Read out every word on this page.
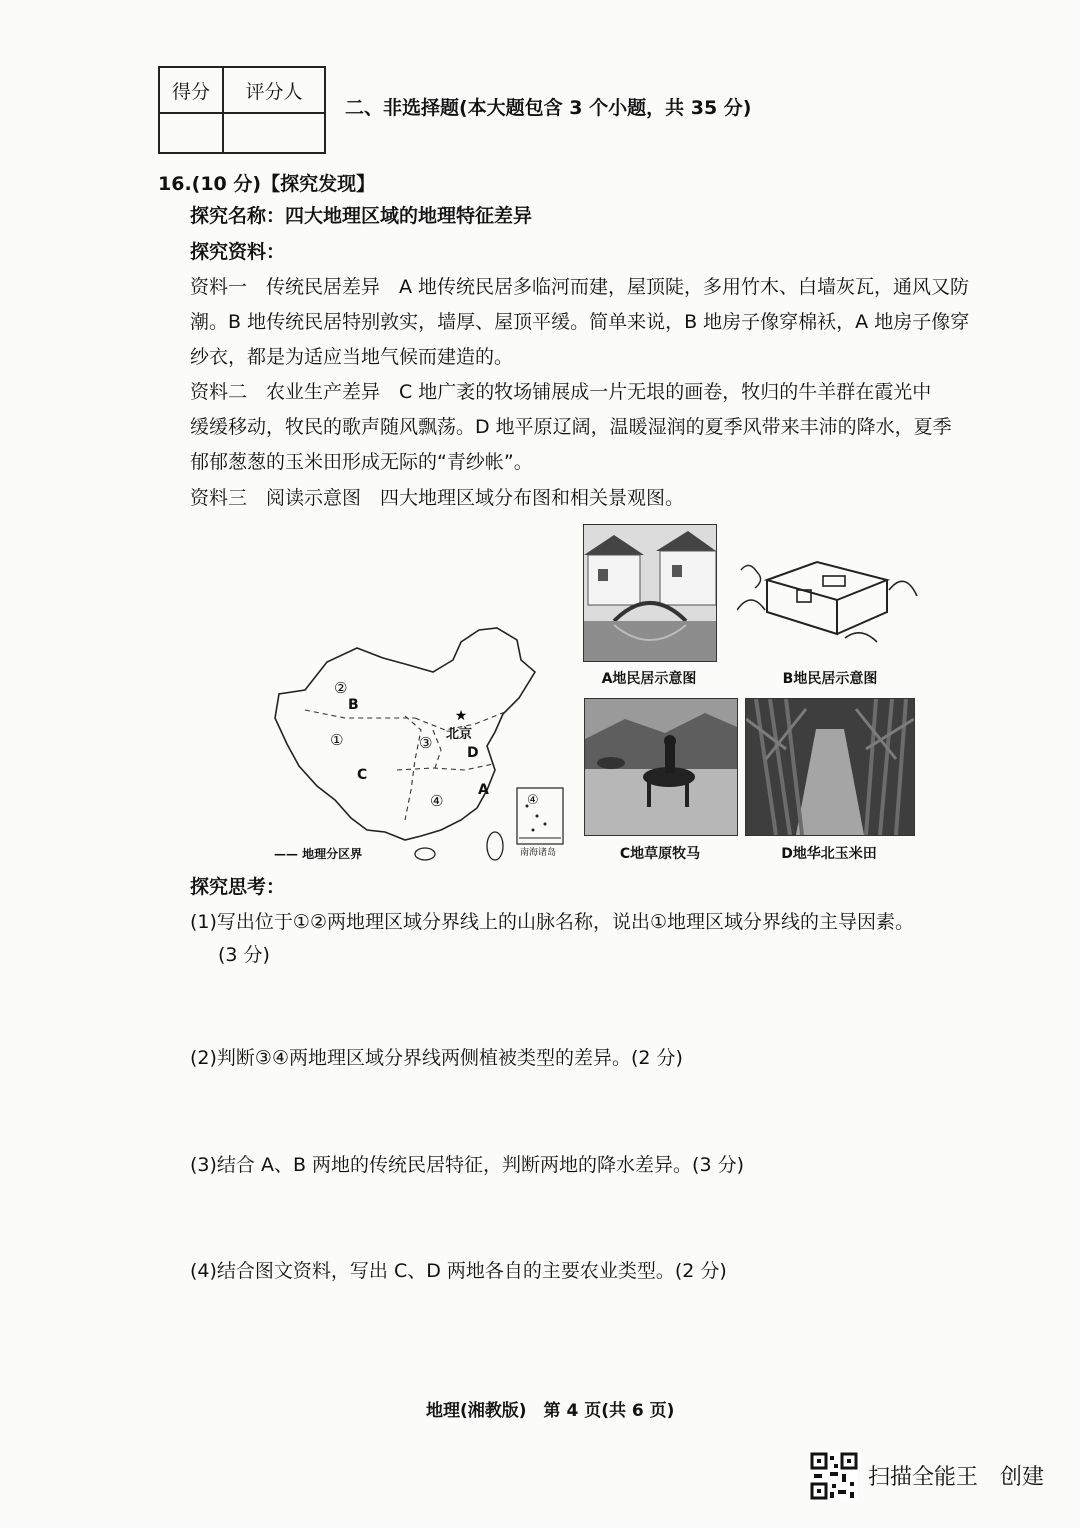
得分	评分人
二、非选择题(本大题包含 3 个小题，共 35 分)
16.(10 分)【探究发现】
探究名称：四大地理区域的地理特征差异
探究资料：
资料一　传统民居差异　A 地传统民居多临河而建，屋顶陡，多用竹木、白墙灰瓦，通风又防
潮。B 地传统民居特别敦实，墙厚、屋顶平缓。简单来说，B 地房子像穿棉袄，A 地房子像穿
纱衣，都是为适应当地气候而建造的。
资料二　农业生产差异　C 地广袤的牧场铺展成一片无垠的画卷，牧归的牛羊群在霞光中
缓缓移动，牧民的歌声随风飘荡。D 地平原辽阔，温暖湿润的夏季风带来丰沛的降水，夏季
郁郁葱葱的玉米田形成无际的“青纱帐”。
资料三　阅读示意图　四大地理区域分布图和相关景观图。
★
②
B
①
C
③ 北京
D
④
A
④
南海诸岛
—— 地理分区界
A地民居示意图	B地民居示意图
C地草原牧马	D地华北玉米田
探究思考：
(1)写出位于①②两地理区域分界线上的山脉名称，说出①地理区域分界线的主导因素。
(3 分)
(2)判断③④两地理区域分界线两侧植被类型的差异。(2 分)
(3)结合 A、B 两地的传统民居特征，判断两地的降水差异。(3 分)
(4)结合图文资料，写出 C、D 两地各自的主要农业类型。(2 分)
地理(湘教版)　第 4 页(共 6 页)
扫描全能王　创建
